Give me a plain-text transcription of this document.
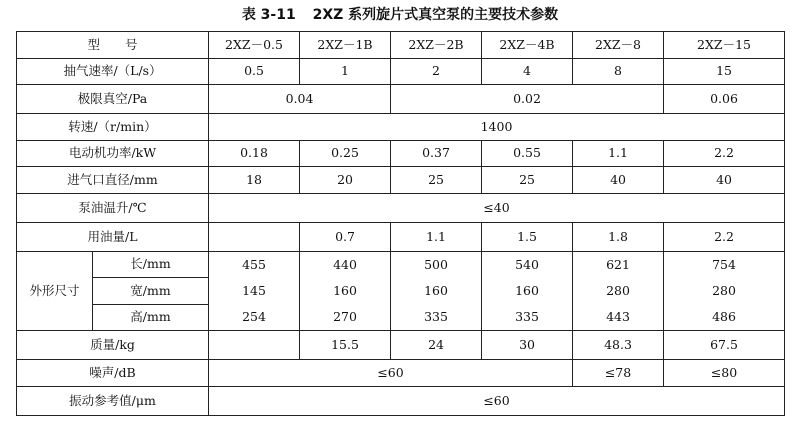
表 3-11 2XZ 系列旋片式真空泵的主要技术参数
型　　号		2XZ－0.5	2XZ－1B	2XZ－2B	2XZ－4B	2XZ－8	2XZ－15
抽气速率/（L/s）		0.5	1	2	4	8	15
极限真空/Pa		0.04		0.02			0.06
转速/（r/min）		1400					
电动机功率/kW		0.18	0.25	0.37	0.55	1.1	2.2
进气口直径/mm		18	20	25	25	40	40
泵油温升/℃		≤40					
用油量/L			0.7	1.1	1.5	1.8	2.2
外形尺寸	长/mm	455	440	500	540	621	754
	宽/mm	145	160	160	160	280	280
	高/mm	254	270	335	335	443	486
质量/kg			15.5	24	30	48.3	67.5
噪声/dB		≤60				≤78	≤80
振动参考值/μm		≤60					
